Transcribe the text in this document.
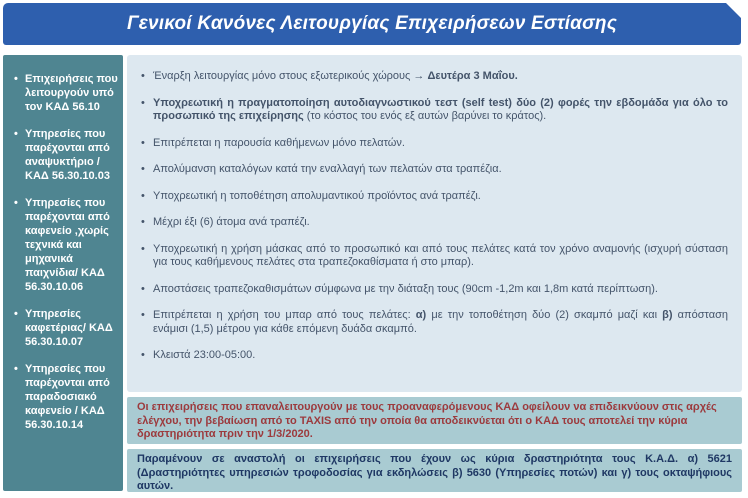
Γενικοί Κανόνες Λειτουργίας Επιχειρήσεων Εστίασης
• Επιχειρήσεις που λειτουργούν υπό τον ΚΑΔ 56.10
• Υπηρεσίες που παρέχονται από αναψυκτήριο /ΚΑΔ 56.30.10.03
• Υπηρεσίες που παρέχονται από καφενείο ,χωρίς τεχνικά και μηχανικά παιχνίδια/ ΚΑΔ 56.30.10.06
• Υπηρεσίες καφετέριας/ ΚΑΔ 56.30.10.07
• Υπηρεσίες που παρέχονται από παραδοσιακό καφενείο / ΚΑΔ 56.30.10.14
• Έναρξη λειτουργίας μόνο στους εξωτερικούς χώρους → Δευτέρα 3 Μαΐου.
• Υποχρεωτική η πραγματοποίηση αυτοδιαγνωστικού τεστ (self test) δύο (2) φορές την εβδομάδα για όλο το προσωπικό της επιχείρησης (το κόστος του ενός εξ αυτών βαρύνει το κράτος).
• Επιτρέπεται η παρουσία καθήμενων μόνο πελατών.
• Απολύμανση καταλόγων κατά την εναλλαγή των πελατών στα τραπέζια.
• Υποχρεωτική η τοποθέτηση απολυμαντικού προϊόντος ανά τραπέζι.
• Μέχρι έξι (6) άτομα ανά τραπέζι.
• Υποχρεωτική η χρήση μάσκας από το προσωπικό και από τους πελάτες κατά τον χρόνο αναμονής (ισχυρή σύσταση για τους καθήμενους πελάτες στα τραπεζοκαθίσματα ή στο μπαρ).
• Αποστάσεις τραπεζοκαθισμάτων σύμφωνα με την διάταξη τους (90cm -1,2m και 1,8m κατά περίπτωση).
• Επιτρέπεται η χρήση του μπαρ από τους πελάτες: α) με την τοποθέτηση δύο (2) σκαμπό μαζί και β) απόσταση ενάμισι (1,5) μέτρου για κάθε επόμενη δυάδα σκαμπό.
• Κλειστά 23:00-05:00.
Οι επιχειρήσεις που επαναλειτουργούν με τους προαναφερόμενους ΚΑΔ οφείλουν να επιδεικνύουν στις αρχές ελέγχου, την βεβαίωση από το TAXIS από την οποία θα αποδεικνύεται ότι ο ΚΑΔ τους αποτελεί την κύρια δραστηριότητα πριν την 1/3/2020.
Παραμένουν σε αναστολή οι επιχειρήσεις που έχουν ως κύρια δραστηριότητα τους Κ.Α.Δ. α) 5621 (Δραστηριότητες υπηρεσιών τροφοδοσίας για εκδηλώσεις β) 5630 (Υπηρεσίες ποτών) και γ) τους οκταψήφιους αυτών.
